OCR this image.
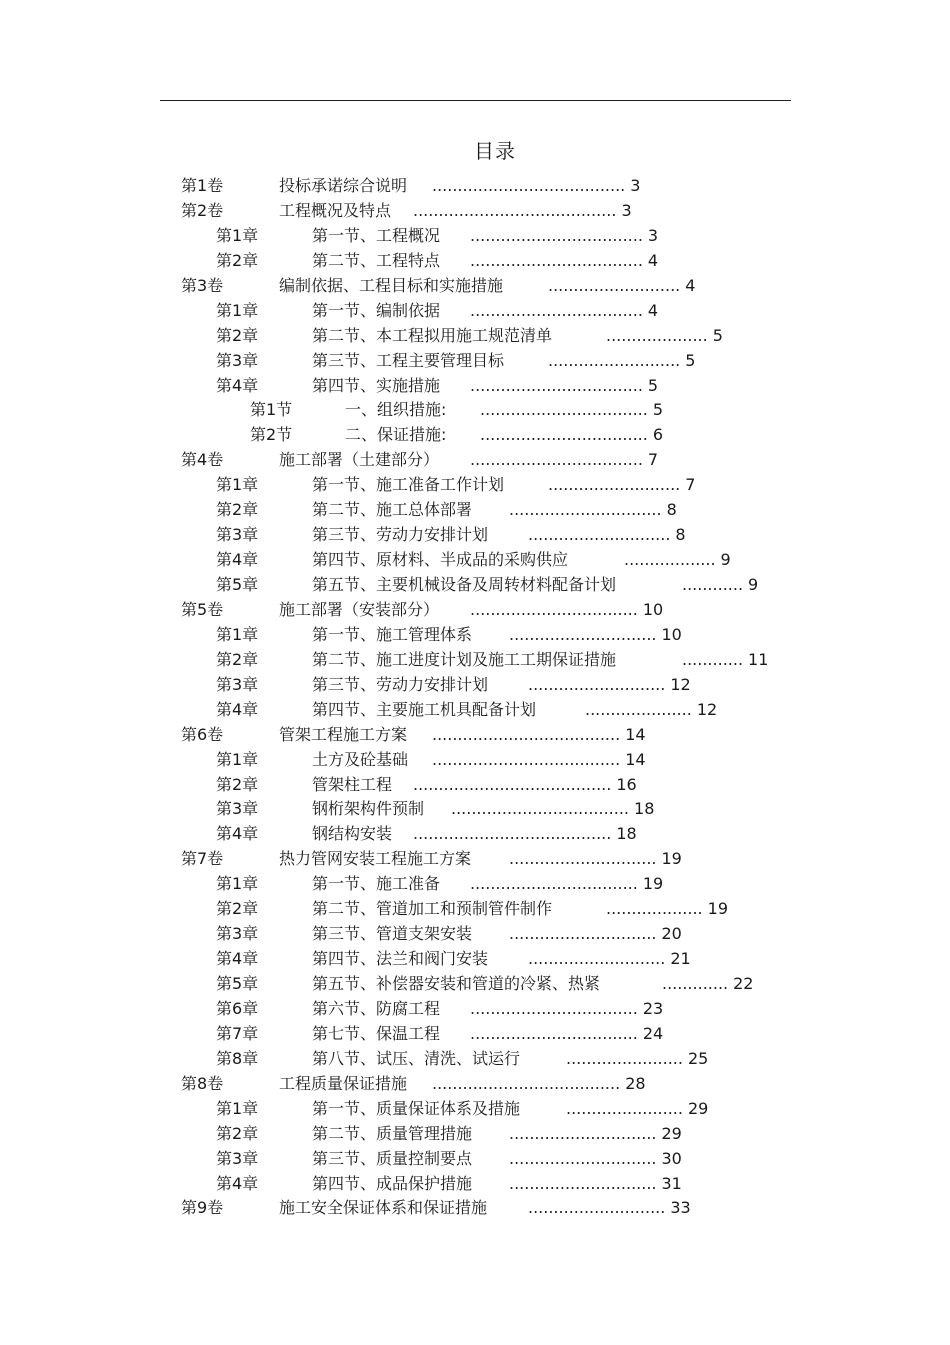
目录
第1卷	投标承诺综合说明 ...................................... 3
第2卷	工程概况及特点 ........................................ 3
第1章	第一节、工程概况 .................................. 3
第2章	第二节、工程特点 .................................. 4
第3卷	编制依据、工程目标和实施措施	.......................... 4
第1章	第一节、编制依据 .................................. 4
第2章	第二节、本工程拟用施工规范清单	.................... 5
第3章	第三节、工程主要管理目标	.......................... 5
第4章	第四节、实施措施 .................................. 5
第1节	一、组织措施: ................................. 5
第2节	二、保证措施: ................................. 6
第4卷	施工部署（土建部分） .................................. 7
第1章	第一节、施工准备工作计划	.......................... 7
第2章	第二节、施工总体部署 .............................. 8
第3章	第三节、劳动力安排计划 ............................ 8
第4章	第四节、原材料、半成品的采购供应	.................. 9
第5章	第五节、主要机械设备及周转材料配备计划	............ 9
第5卷	施工部署（安装部分） ................................. 10
第1章	第一节、施工管理体系 ............................. 10
第2章	第二节、施工进度计划及施工工期保证措施	............ 11
第3章	第三节、劳动力安排计划 ........................... 12
第4章	第四节、主要施工机具配备计划	..................... 12
第6卷	管架工程施工方案 ..................................... 14
第1章	土方及砼基础 ..................................... 14
第2章	管架柱工程 ....................................... 16
第3章	钢桁架构件预制 ................................... 18
第4章	钢结构安装 ....................................... 18
第7卷	热力管网安装工程施工方案 ............................. 19
第1章	第一节、施工准备 ................................. 19
第2章	第二节、管道加工和预制管件制作	................... 19
第3章	第三节、管道支架安装 ............................. 20
第4章	第四节、法兰和阀门安装 ........................... 21
第5章	第五节、补偿器安装和管道的冷紧、热紧	............. 22
第6章	第六节、防腐工程 ................................. 23
第7章	第七节、保温工程 ................................. 24
第8章	第八节、试压、清洗、试运行	....................... 25
第8卷	工程质量保证措施 ..................................... 28
第1章	第一节、质量保证体系及措施	....................... 29
第2章	第二节、质量管理措施 ............................. 29
第3章	第三节、质量控制要点 ............................. 30
第4章	第四节、成品保护措施 ............................. 31
第9卷	施工安全保证体系和保证措施	........................... 33
